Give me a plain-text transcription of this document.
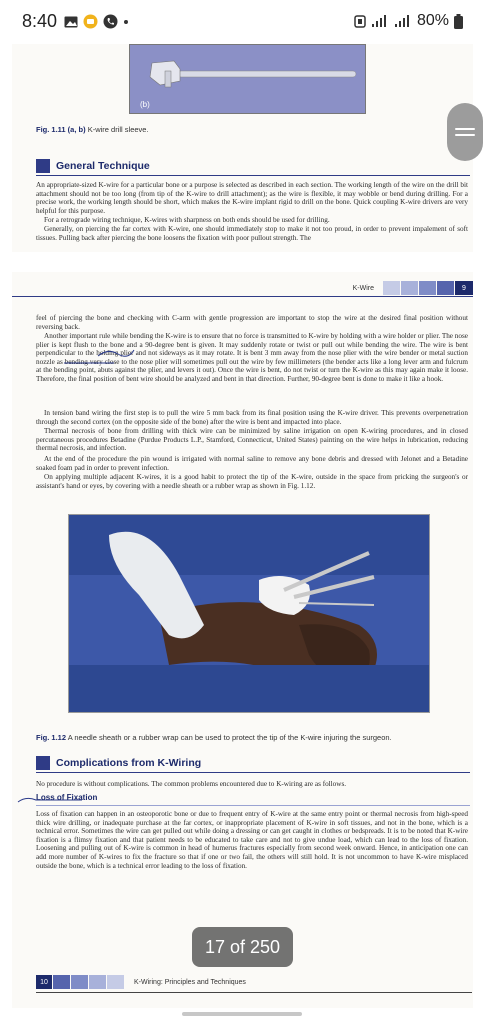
8:40	80%
(b)
Fig. 1.11 (a, b) K-wire drill sleeve.
General Technique
An appropriate-sized K-wire for a particular bone or a purpose is selected as described in each section. The working length of the wire on the drill bit attachment should not be too long (from tip of the K-wire to drill attachment); as the wire is flexible, it may wobble or bend during drilling. For a precise work, the working length should be short, which makes the K-wire implant rigid to drill on the bone. Quick coupling K-wire drivers are very helpful for this purpose.
For a retrograde wiring technique, K-wires with sharpness on both ends should be used for drilling.
Generally, on piercing the far cortex with K-wire, one should immediately stop to make it not too proud, in order to prevent impalement of soft tissues. Pulling back after piercing the bone loosens the fixation with poor pullout strength. The
K-Wire	9
feel of piercing the bone and checking with C-arm with gentle progression are important to stop the wire at the desired final position without reversing back.
Another important rule while bending the K-wire is to ensure that no force is transmitted to K-wire by holding with a wire holder or plier. The nose plier is kept flush to the bone and a 90-degree bent is given. It may suddenly rotate or twist or pull out while bending the wire. The wire is bent perpendicular to the holding plier and not sideways as it may rotate. It is bent 3 mm away from the nose plier with the wire bender or metal suction nozzle as bending very close to the nose plier will sometimes pull out the wire by few millimeters (the bender acts like a long lever arm and fulcrum at the bending point, abuts against the plier, and levers it out). Once the wire is bent, do not twist or turn the K-wire as this may again make it loose. Therefore, the final position of bent wire should be analyzed and bent in that direction. Further, 90-degree bent is done to make it like a hook.
In tension band wiring the first step is to pull the wire 5 mm back from its final position using the K-wire driver. This prevents overpenetration through the second cortex (on the opposite side of the bone) after the wire is bent and impacted into place.
Thermal necrosis of bone from drilling with thick wire can be minimized by saline irrigation on open K-wiring procedures, and in closed percutaneous procedures Betadine (Purdue Products L.P., Stamford, Connecticut, United States) painting on the wire helps in lubrication, reducing thermal necrosis, and infection.
At the end of the procedure the pin wound is irrigated with normal saline to remove any bone debris and dressed with Jelonet and a Betadine soaked foam pad in order to prevent infection.
On applying multiple adjacent K-wires, it is a good habit to protect the tip of the K-wire, outside in the space from pricking the surgeon's or assistant's hand or eyes, by covering with a needle sheath or a rubber wrap as shown in Fig. 1.12.
Fig. 1.12 A needle sheath or a rubber wrap can be used to protect the tip of the K-wire injuring the surgeon.
Complications from K-Wiring
No procedure is without complications. The common problems encountered due to K-wiring are as follows.
Loss of Fixation
Loss of fixation can happen in an osteoporotic bone or due to frequent entry of K-wire at the same entry point or thermal necrosis from high-speed thick wire drilling, or inadequate purchase at the far cortex, or inappropriate placement of K-wire in soft tissues, and not in the bone, which is a technical error. Sometimes the wire can get pulled out while doing a dressing or can get caught in clothes or bedspreads. It is to be noted that K-wire fixation is a flimsy fixation and that patient needs to be educated to take care and not to give undue load, which can lead to the loss of fixation. Loosening and pulling out of K-wire is common in head of humerus fractures especially from second week onward. Hence, in anticipation one can add more number of K-wires to fix the fracture so that if one or two fail, the others will still hold. It is not uncommon to have K-wire misplaced outside the bone, which is a technical error leading to the loss of fixation.
10	K-Wiring: Principles and Techniques
17 of 250
